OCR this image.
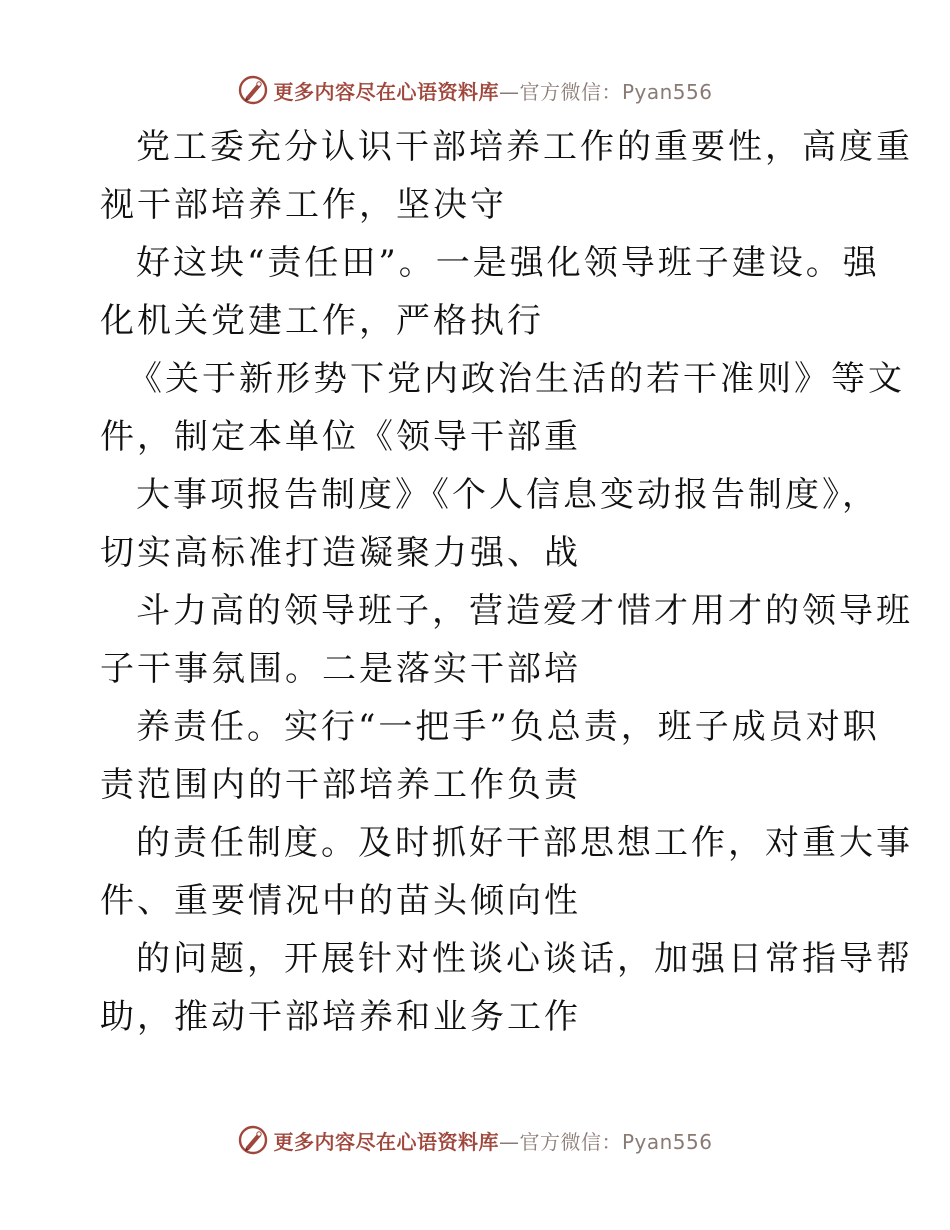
更多内容尽在心语资料库—官方微信：Pyan556
党工委充分认识干部培养工作的重要性，高度重
视干部培养工作，坚决守
好这块“责任田”。一是强化领导班子建设。强
化机关党建工作，严格执行
《关于新形势下党内政治生活的若干准则》等文
件，制定本单位《领导干部重
大事项报告制度》《个人信息变动报告制度》，
切实高标准打造凝聚力强、战
斗力高的领导班子，营造爱才惜才用才的领导班
子干事氛围。二是落实干部培
养责任。实行“一把手”负总责，班子成员对职
责范围内的干部培养工作负责
的责任制度。及时抓好干部思想工作，对重大事
件、重要情况中的苗头倾向性
的问题，开展针对性谈心谈话，加强日常指导帮
助，推动干部培养和业务工作
更多内容尽在心语资料库—官方微信：Pyan556
